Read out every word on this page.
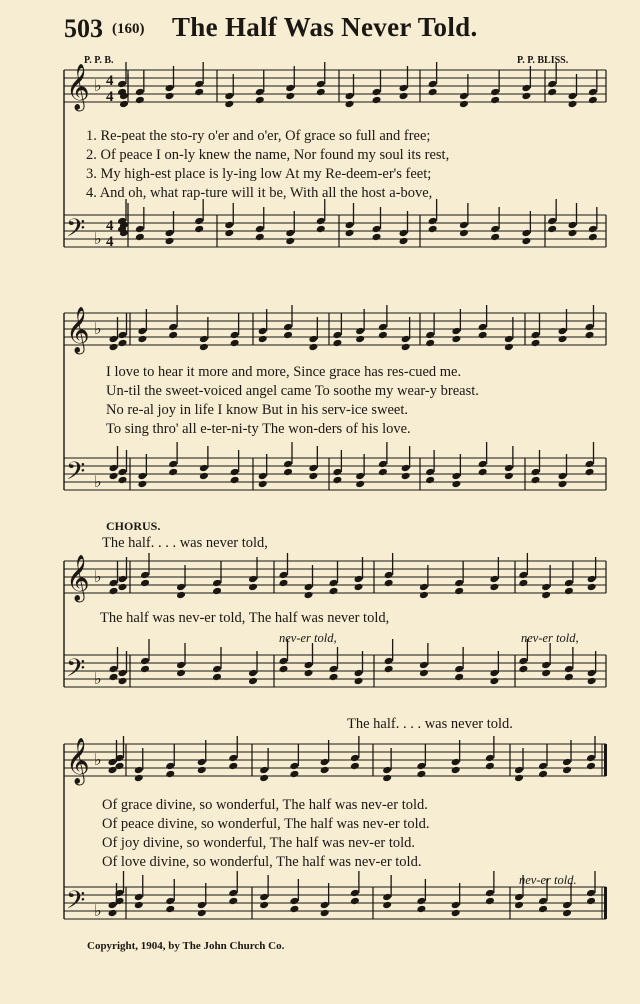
503 (160) The Half Was Never Told.
P. P. B.	P. P. BLISS.
𝄞 ♭ 4
4
𝄢 ♭
4
4
𝄞 ♭
𝄢 ♭
𝄞 ♭
𝄢 ♭
𝄞 ♭
𝄢 ♭
1. Re-peat the sto-ry o'er and o'er, Of grace so full and free;
2. Of peace I on-ly knew the name, Nor found my soul its rest,
3. My high-est place is ly-ing low At my Re-deem-er's feet;
4. And oh, what rap-ture will it be, With all the host a-bove,
I love to hear it more and more, Since grace has res-cued me.
Un-til the sweet-voiced angel came To soothe my wear-y breast.
No re-al joy in life I know But in his serv-ice sweet.
To sing thro' all e-ter-ni-ty The won-ders of his love.
CHORUS.
The half. . . . was never told,
The half was nev-er told, The half was never told,
nev-er told,	nev-er told,
The half. . . . was never told.
Of grace divine, so wonderful, The half was nev-er told.
Of peace divine, so wonderful, The half was nev-er told.
Of joy divine, so wonderful, The half was nev-er told.
Of love divine, so wonderful, The half was nev-er told.
nev-er told.
Copyright, 1904, by The John Church Co.
